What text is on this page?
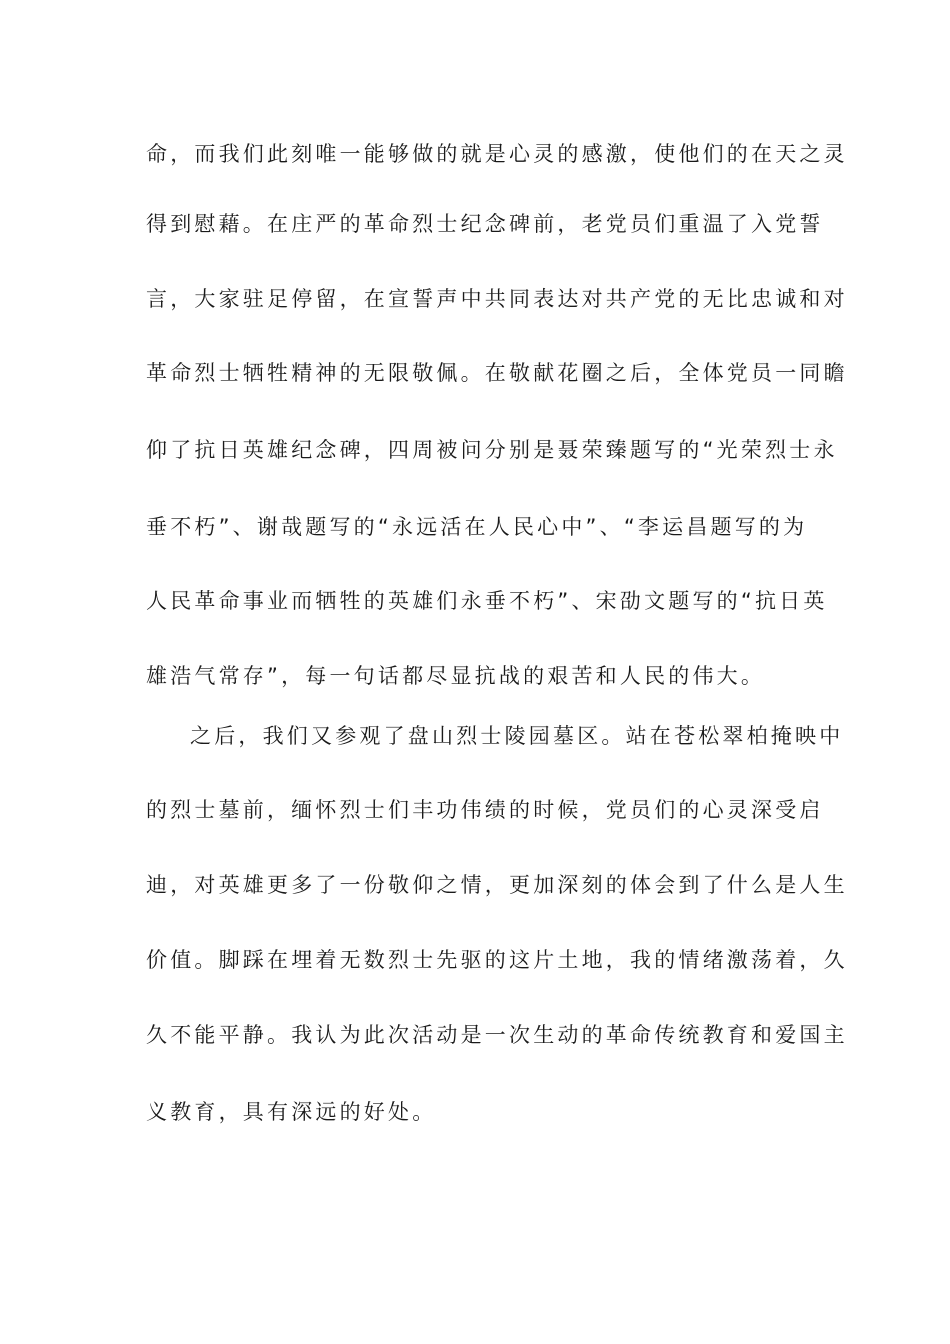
命，而我们此刻唯一能够做的就是心灵的感激，使他们的在天之灵
得到慰藉。在庄严的革命烈士纪念碑前，老党员们重温了入党誓
言，大家驻足停留，在宣誓声中共同表达对共产党的无比忠诚和对
革命烈士牺牲精神的无限敬佩。在敬献花圈之后，全体党员一同瞻
仰了抗日英雄纪念碑，四周被问分别是聂荣臻题写的“光荣烈士永
垂不朽”、谢哉题写的“永远活在人民心中”、“李运昌题写的为
人民革命事业而牺牲的英雄们永垂不朽”、宋劭文题写的“抗日英
雄浩气常存”，每一句话都尽显抗战的艰苦和人民的伟大。
之后，我们又参观了盘山烈士陵园墓区。站在苍松翠柏掩映中
的烈士墓前，缅怀烈士们丰功伟绩的时候，党员们的心灵深受启
迪，对英雄更多了一份敬仰之情，更加深刻的体会到了什么是人生
价值。脚踩在埋着无数烈士先驱的这片土地，我的情绪激荡着，久
久不能平静。我认为此次活动是一次生动的革命传统教育和爱国主
义教育，具有深远的好处。
